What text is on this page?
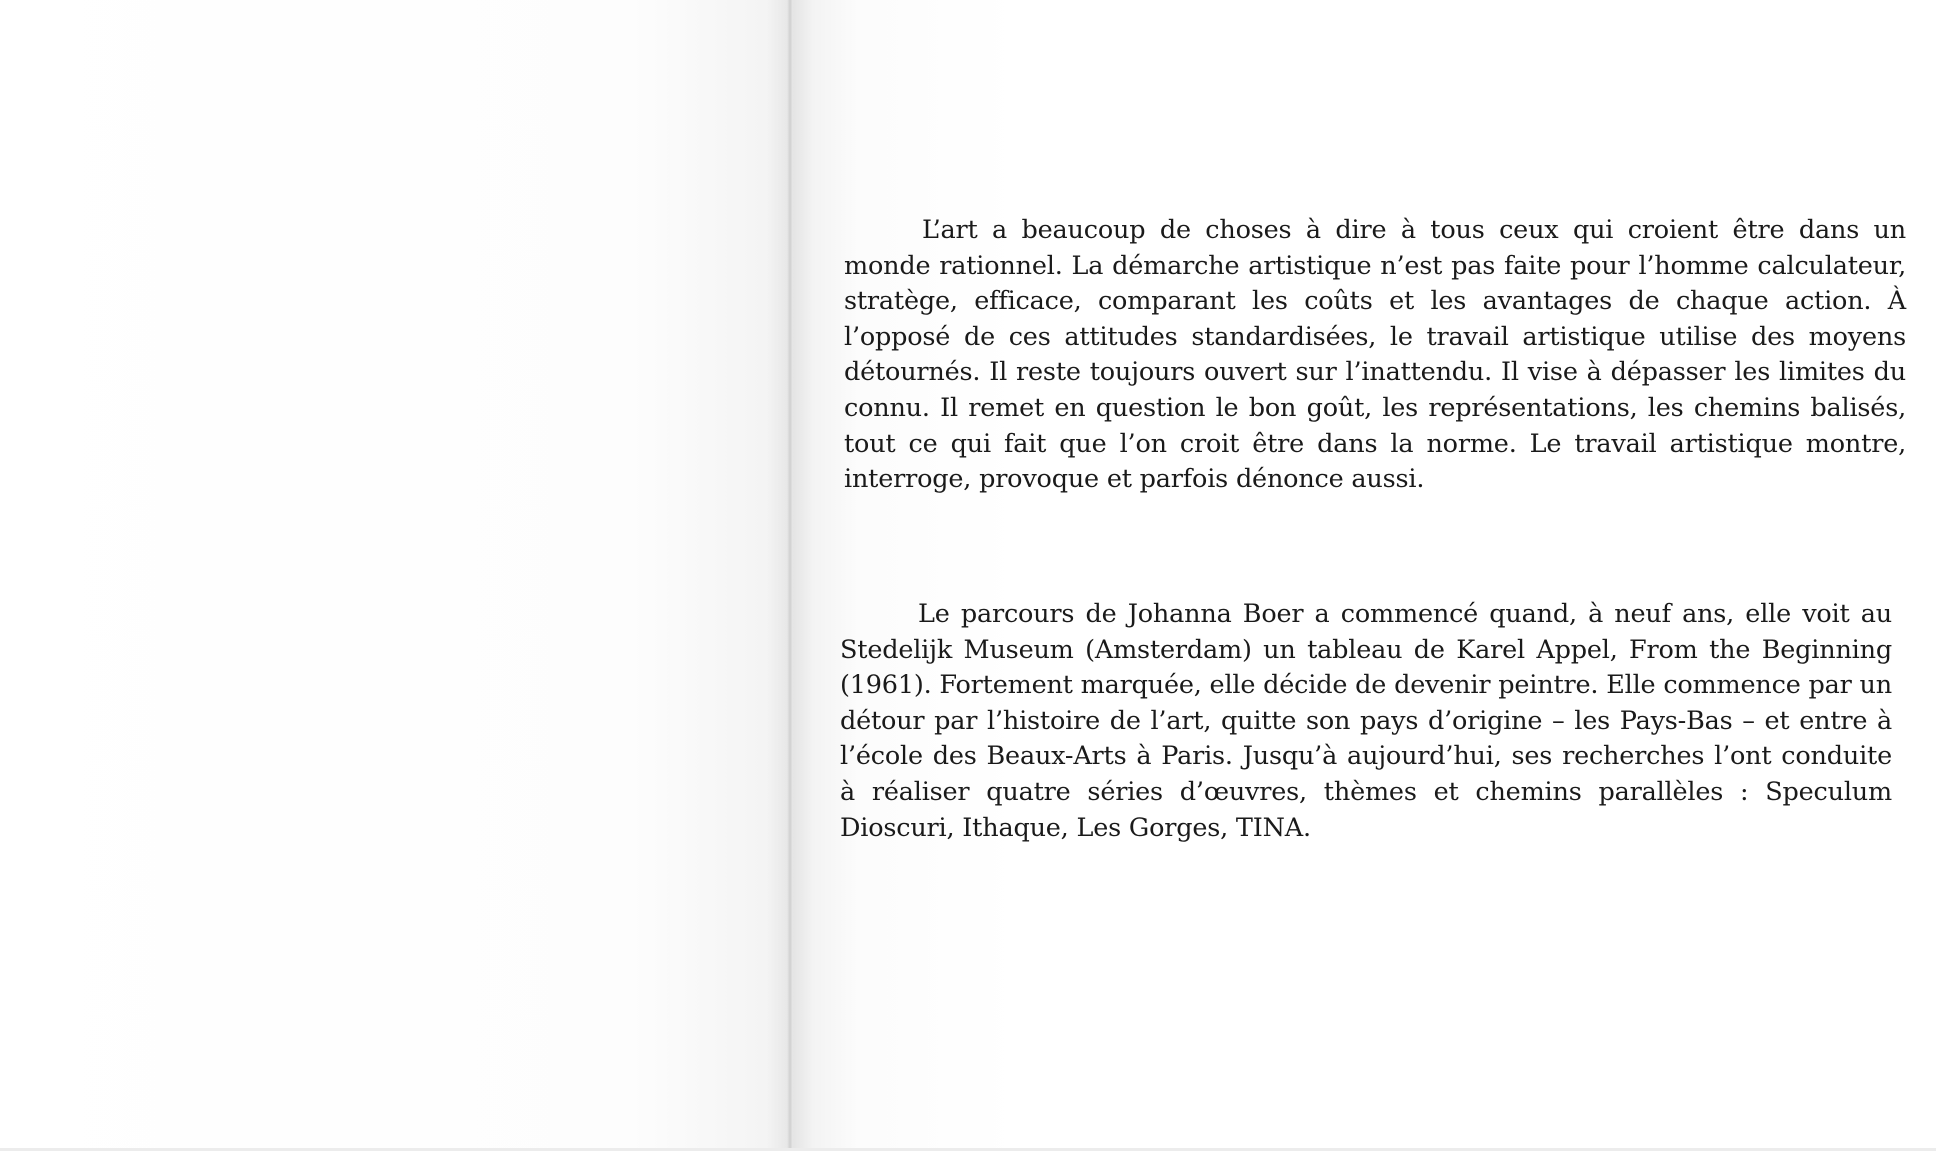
L’art a beaucoup de choses à dire à tous ceux qui croient être dans un monde rationnel. La démarche artistique n’est pas faite pour l’homme calculateur, stratège, efficace, comparant les coûts et les avantages de chaque action. À l’opposé de ces attitudes standardisées, le travail artistique utilise des moyens détournés. Il reste toujours ouvert sur l’inattendu. Il vise à dépasser les limites du connu. Il remet en question le bon goût, les représentations, les chemins balisés, tout ce qui fait que l’on croit être dans la norme. Le travail artistique montre, interroge, provoque et parfois dénonce aussi.

Le parcours de Johanna Boer a commencé quand, à neuf ans, elle voit au Stedelijk Museum (Amsterdam) un tableau de Karel Appel, From the Beginning (1961). Fortement marquée, elle décide de devenir peintre. Elle commence par un détour par l’histoire de l’art, quitte son pays d’origine – les Pays-Bas – et entre à l’école des Beaux-Arts à Paris. Jusqu’à aujourd’hui, ses recherches l’ont conduite à réaliser quatre séries d’œuvres, thèmes et chemins parallèles : Speculum Dioscuri, Ithaque, Les Gorges, TINA.
